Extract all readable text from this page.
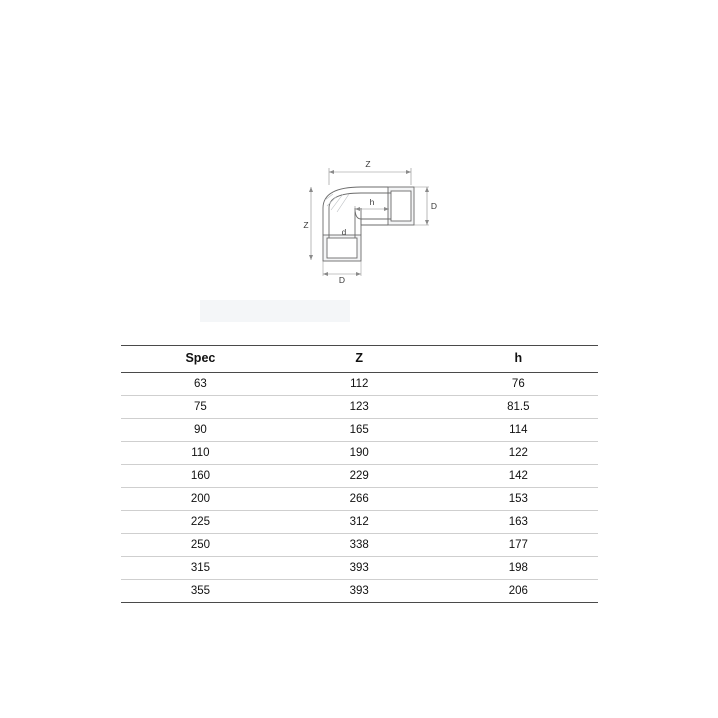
Z
Z
h	D
D
d
Spec	Z	h
63	112	76
75	123	81.5
90	165	114
110	190	122
160	229	142
200	266	153
225	312	163
250	338	177
315	393	198
355	393	206
